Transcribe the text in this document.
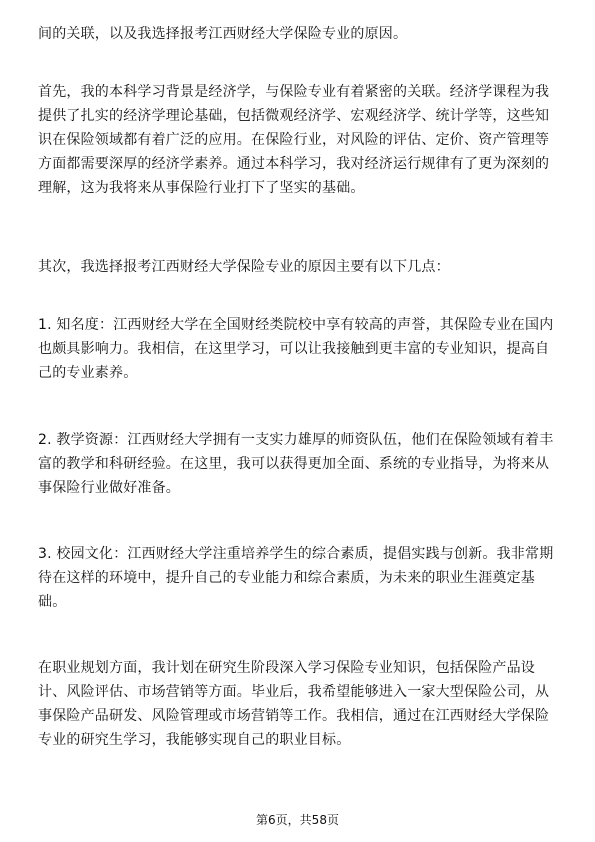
间的关联，以及我选择报考江西财经大学保险专业的原因。

首先，我的本科学习背景是经济学，与保险专业有着紧密的关联。经济学课程为我
提供了扎实的经济学理论基础，包括微观经济学、宏观经济学、统计学等，这些知
识在保险领域都有着广泛的应用。在保险行业，对风险的评估、定价、资产管理等
方面都需要深厚的经济学素养。通过本科学习，我对经济运行规律有了更为深刻的
理解，这为我将来从事保险行业打下了坚实的基础。

其次，我选择报考江西财经大学保险专业的原因主要有以下几点：

1. 知名度：江西财经大学在全国财经类院校中享有较高的声誉，其保险专业在国内
也颇具影响力。我相信，在这里学习，可以让我接触到更丰富的专业知识，提高自
己的专业素养。

2. 教学资源：江西财经大学拥有一支实力雄厚的师资队伍，他们在保险领域有着丰
富的教学和科研经验。在这里，我可以获得更加全面、系统的专业指导，为将来从
事保险行业做好准备。

3. 校园文化：江西财经大学注重培养学生的综合素质，提倡实践与创新。我非常期
待在这样的环境中，提升自己的专业能力和综合素质，为未来的职业生涯奠定基
础。

在职业规划方面，我计划在研究生阶段深入学习保险专业知识，包括保险产品设
计、风险评估、市场营销等方面。毕业后，我希望能够进入一家大型保险公司，从
事保险产品研发、风险管理或市场营销等工作。我相信，通过在江西财经大学保险
专业的研究生学习，我能够实现自己的职业目标。

第6页，共58页
